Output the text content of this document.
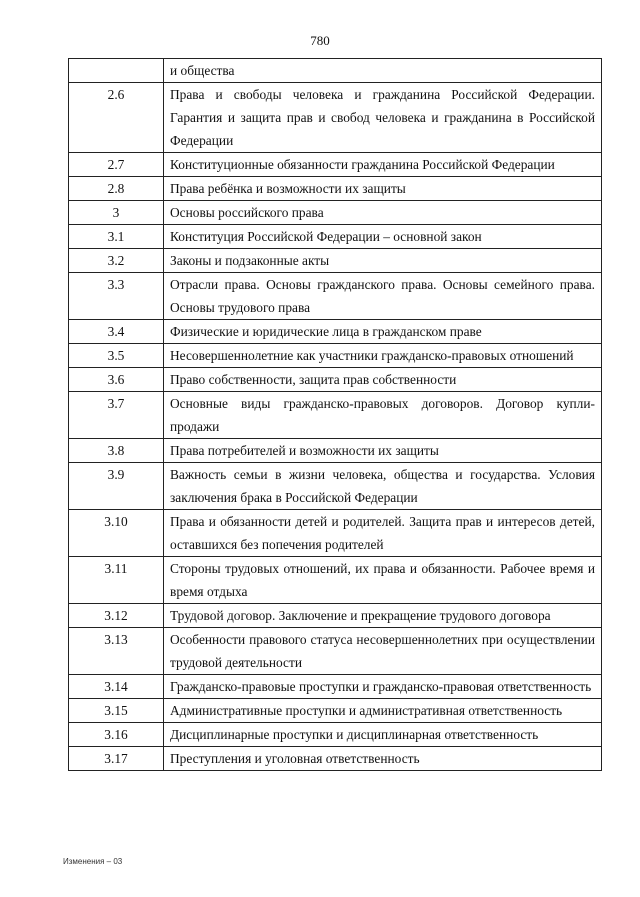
780
	и общества
2.6	Права и свободы человека и гражданина Российской Федерации. Гарантия и защита прав и свобод человека и гражданина в Российской Федерации
2.7	Конституционные обязанности гражданина Российской Федерации
2.8	Права ребёнка и возможности их защиты
3	Основы российского права
3.1	Конституция Российской Федерации – основной закон
3.2	Законы и подзаконные акты
3.3	Отрасли права. Основы гражданского права. Основы семейного права. Основы трудового права
3.4	Физические и юридические лица в гражданском праве
3.5	Несовершеннолетние как участники гражданско-правовых отношений
3.6	Право собственности, защита прав собственности
3.7	Основные виды гражданско-правовых договоров. Договор купли-продажи
3.8	Права потребителей и возможности их защиты
3.9	Важность семьи в жизни человека, общества и государства. Условия заключения брака в Российской Федерации
3.10	Права и обязанности детей и родителей. Защита прав и интересов детей, оставшихся без попечения родителей
3.11	Стороны трудовых отношений, их права и обязанности. Рабочее время и время отдыха
3.12	Трудовой договор. Заключение и прекращение трудового договора
3.13	Особенности правового статуса несовершеннолетних при осуществлении трудовой деятельности
3.14	Гражданско-правовые проступки и гражданско-правовая ответственность
3.15	Административные проступки и административная ответственность
3.16	Дисциплинарные проступки и дисциплинарная ответственность
3.17	Преступления и уголовная ответственность
Изменения – 03
